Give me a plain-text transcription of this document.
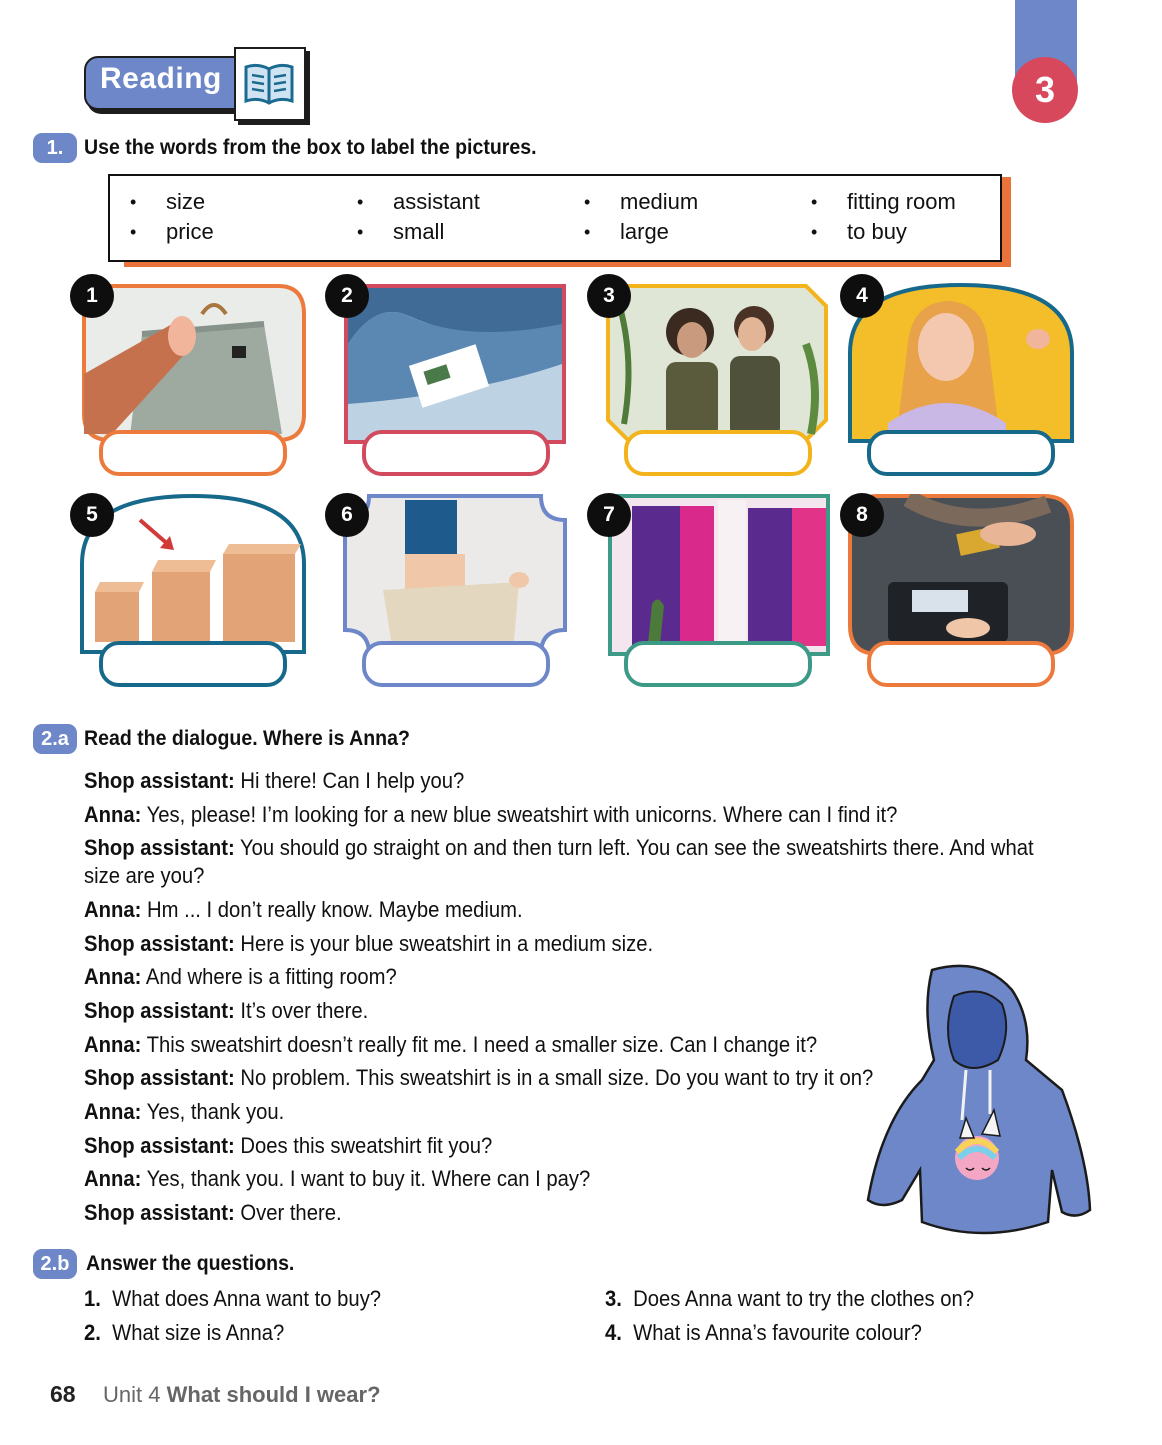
3
Reading
1. Use the words from the box to label the pictures.
• size
• price
• assistant
• small
• medium
• large
• fitting room
• to buy
1	2	3	4
5	6	7	8
2.a Read the dialogue. Where is Anna?
Shop assistant: Hi there! Can I help you?
Anna: Yes, please! I’m looking for a new blue sweatshirt with unicorns. Where can I find it?
Shop assistant: You should go straight on and then turn left. You can see the sweatshirts there. And what
size are you?
Anna: Hm ... I don’t really know. Maybe medium.
Shop assistant: Here is your blue sweatshirt in a medium size.
Anna: And where is a fitting room?
Shop assistant: It’s over there.
Anna: This sweatshirt doesn’t really fit me. I need a smaller size. Can I change it?
Shop assistant: No problem. This sweatshirt is in a small size. Do you want to try it on?
Anna: Yes, thank you.
Shop assistant: Does this sweatshirt fit you?
Anna: Yes, thank you. I want to buy it. Where can I pay?
Shop assistant: Over there.
2.b Answer the questions.
1. What does Anna want to buy?
2. What size is Anna?
3. Does Anna want to try the clothes on?
4. What is Anna’s favourite colour?
68 Unit 4 What should I wear?
